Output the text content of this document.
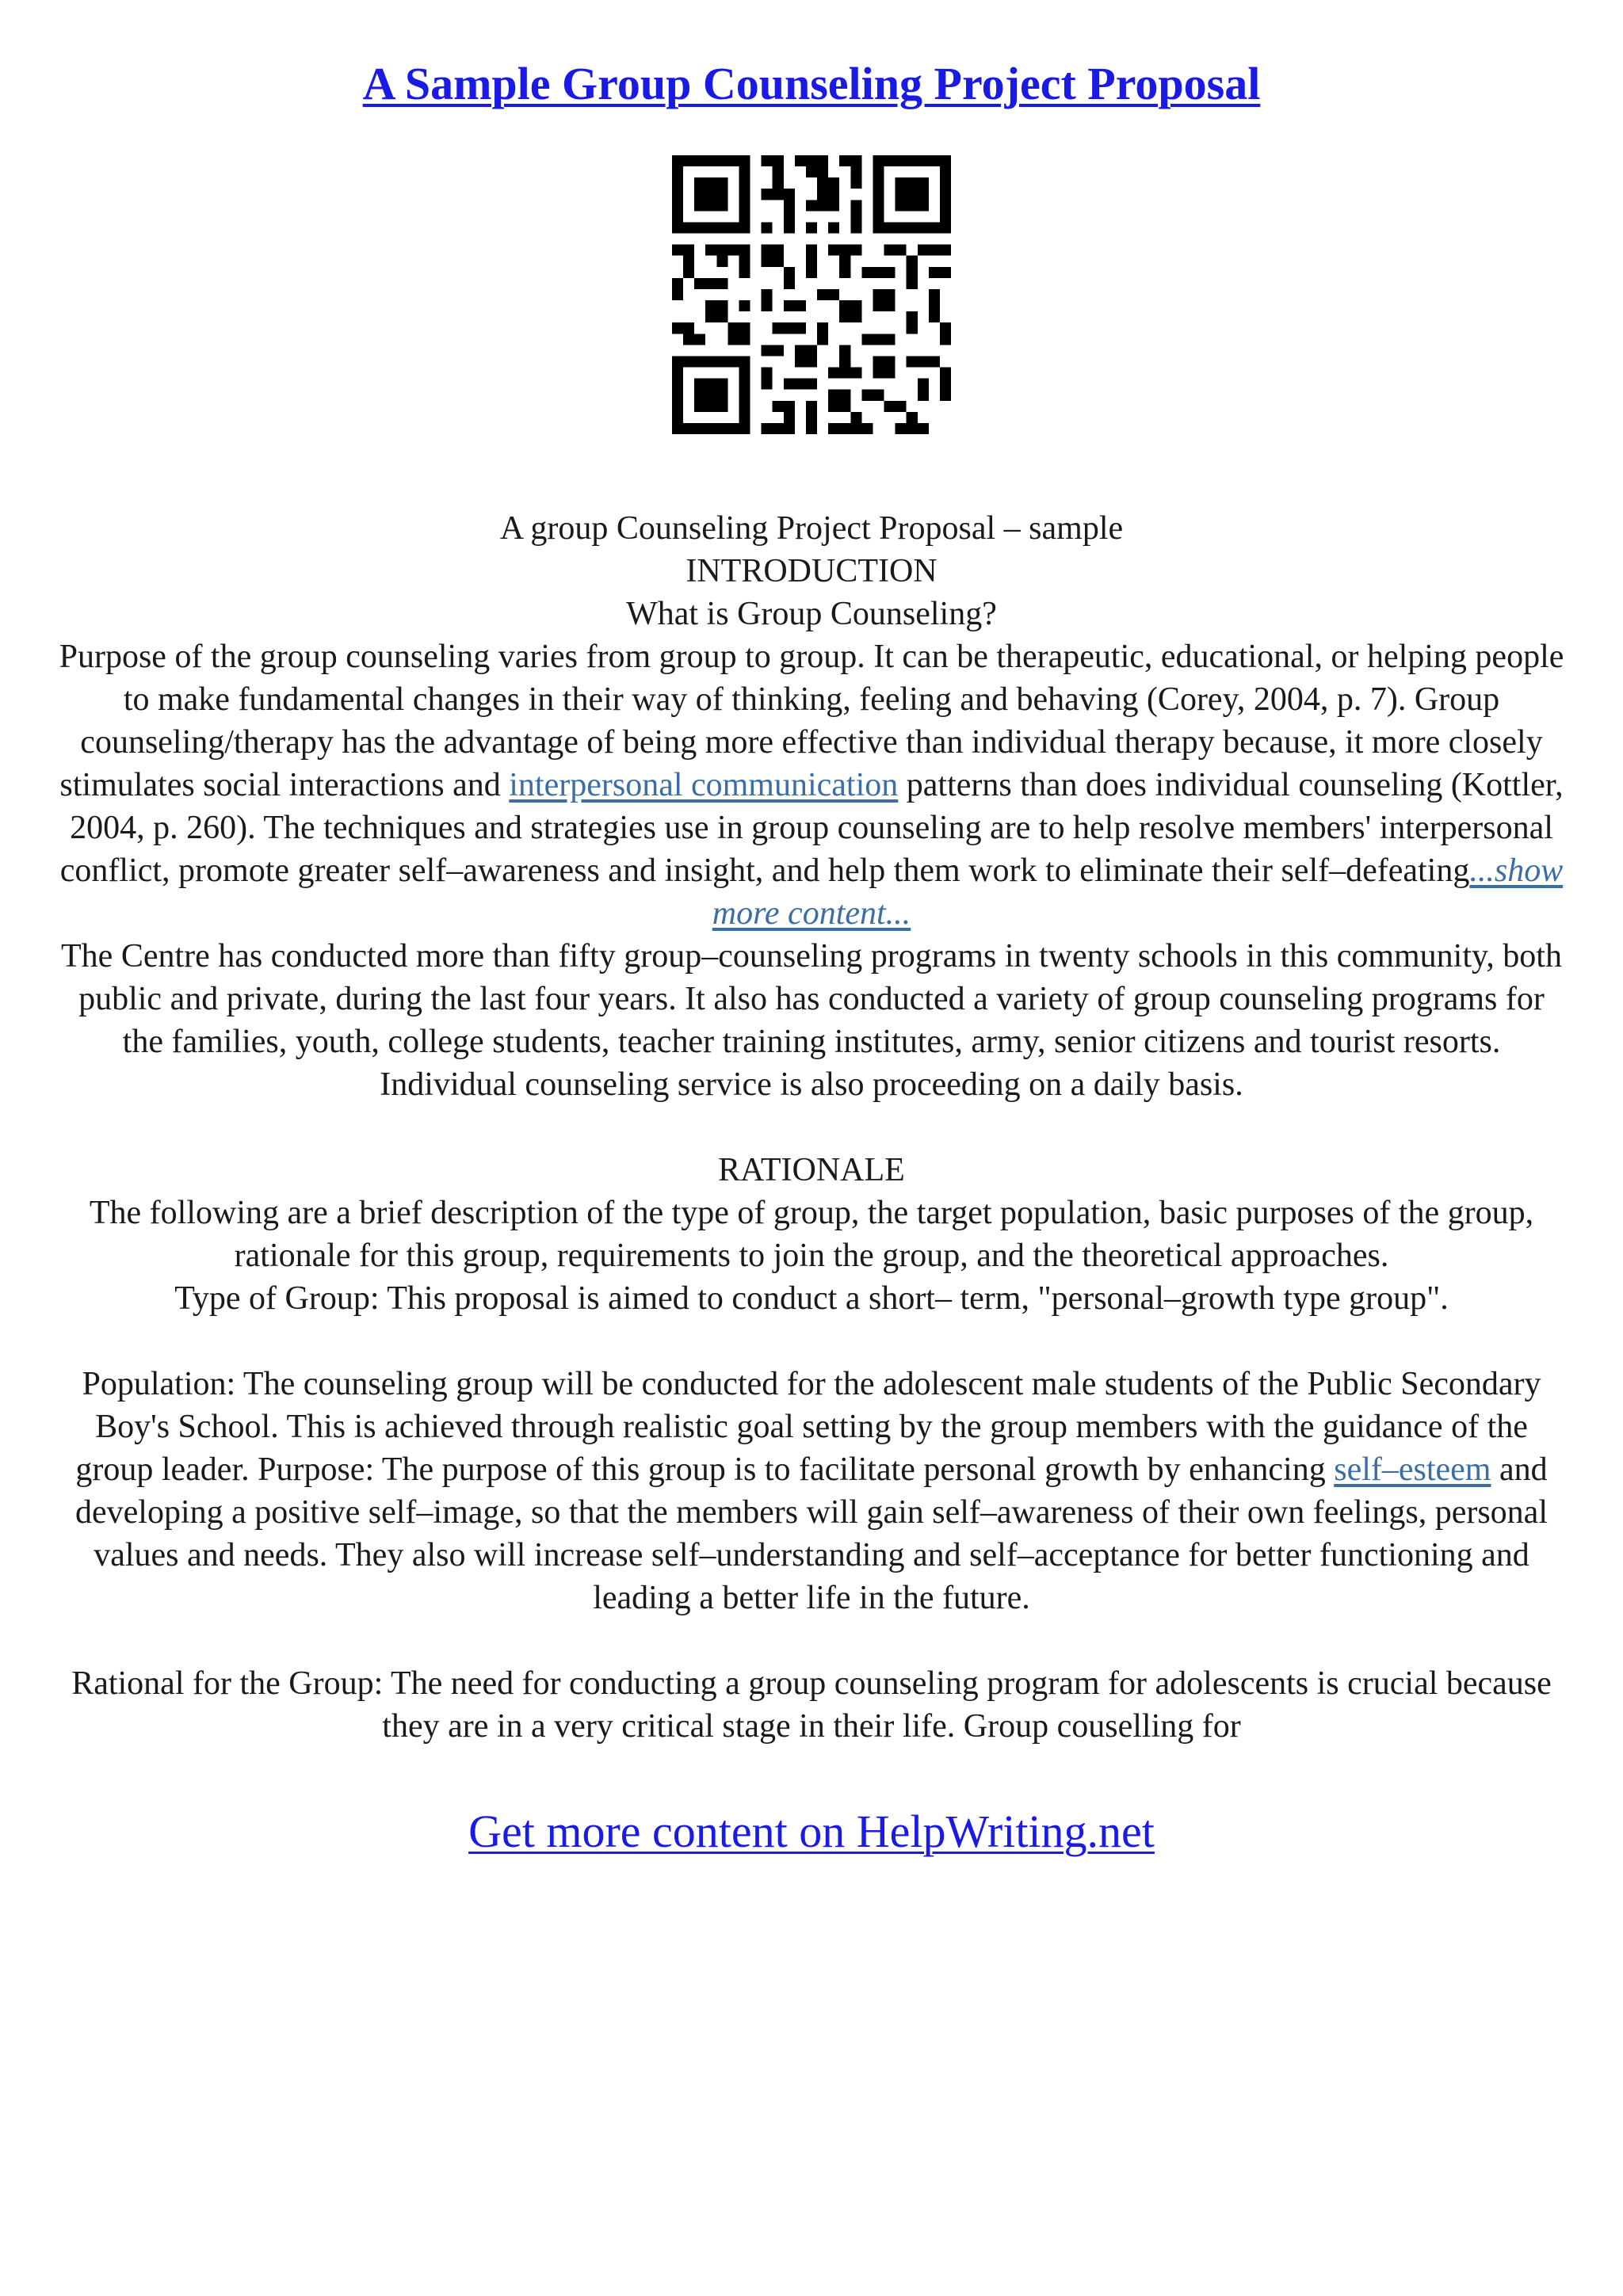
A Sample Group Counseling Project Proposal

A group Counseling Project Proposal – sample

INTRODUCTION

What is Group Counseling?

Purpose of the group counseling varies from group to group. It can be therapeutic, educational, or helping people to make fundamental changes in their way of thinking, feeling and behaving (Corey, 2004, p. 7). Group counseling/therapy has the advantage of being more effective than individual therapy because, it more closely stimulates social interactions and interpersonal communication patterns than does individual counseling (Kottler, 2004, p. 260). The techniques and strategies use in group counseling are to help resolve members' interpersonal conflict, promote greater self–awareness and insight, and help them work to eliminate their self–defeating...show more content...

The Centre has conducted more than fifty group–counseling programs in twenty schools in this community, both public and private, during the last four years. It also has conducted a variety of group counseling programs for the families, youth, college students, teacher training institutes, army, senior citizens and tourist resorts. Individual counseling service is also proceeding on a daily basis.

RATIONALE

The following are a brief description of the type of group, the target population, basic purposes of the group, rationale for this group, requirements to join the group, and the theoretical approaches.

Type of Group: This proposal is aimed to conduct a short– term, "personal–growth type group".

Population: The counseling group will be conducted for the adolescent male students of the Public Secondary Boy's School. This is achieved through realistic goal setting by the group members with the guidance of the group leader. Purpose: The purpose of this group is to facilitate personal growth by enhancing self–esteem and developing a positive self–image, so that the members will gain self–awareness of their own feelings, personal values and needs. They also will increase self–understanding and self–acceptance for better functioning and leading a better life in the future.

Rational for the Group: The need for conducting a group counseling program for adolescents is crucial because they are in a very critical stage in their life. Group couselling for

Get more content on HelpWriting.net
